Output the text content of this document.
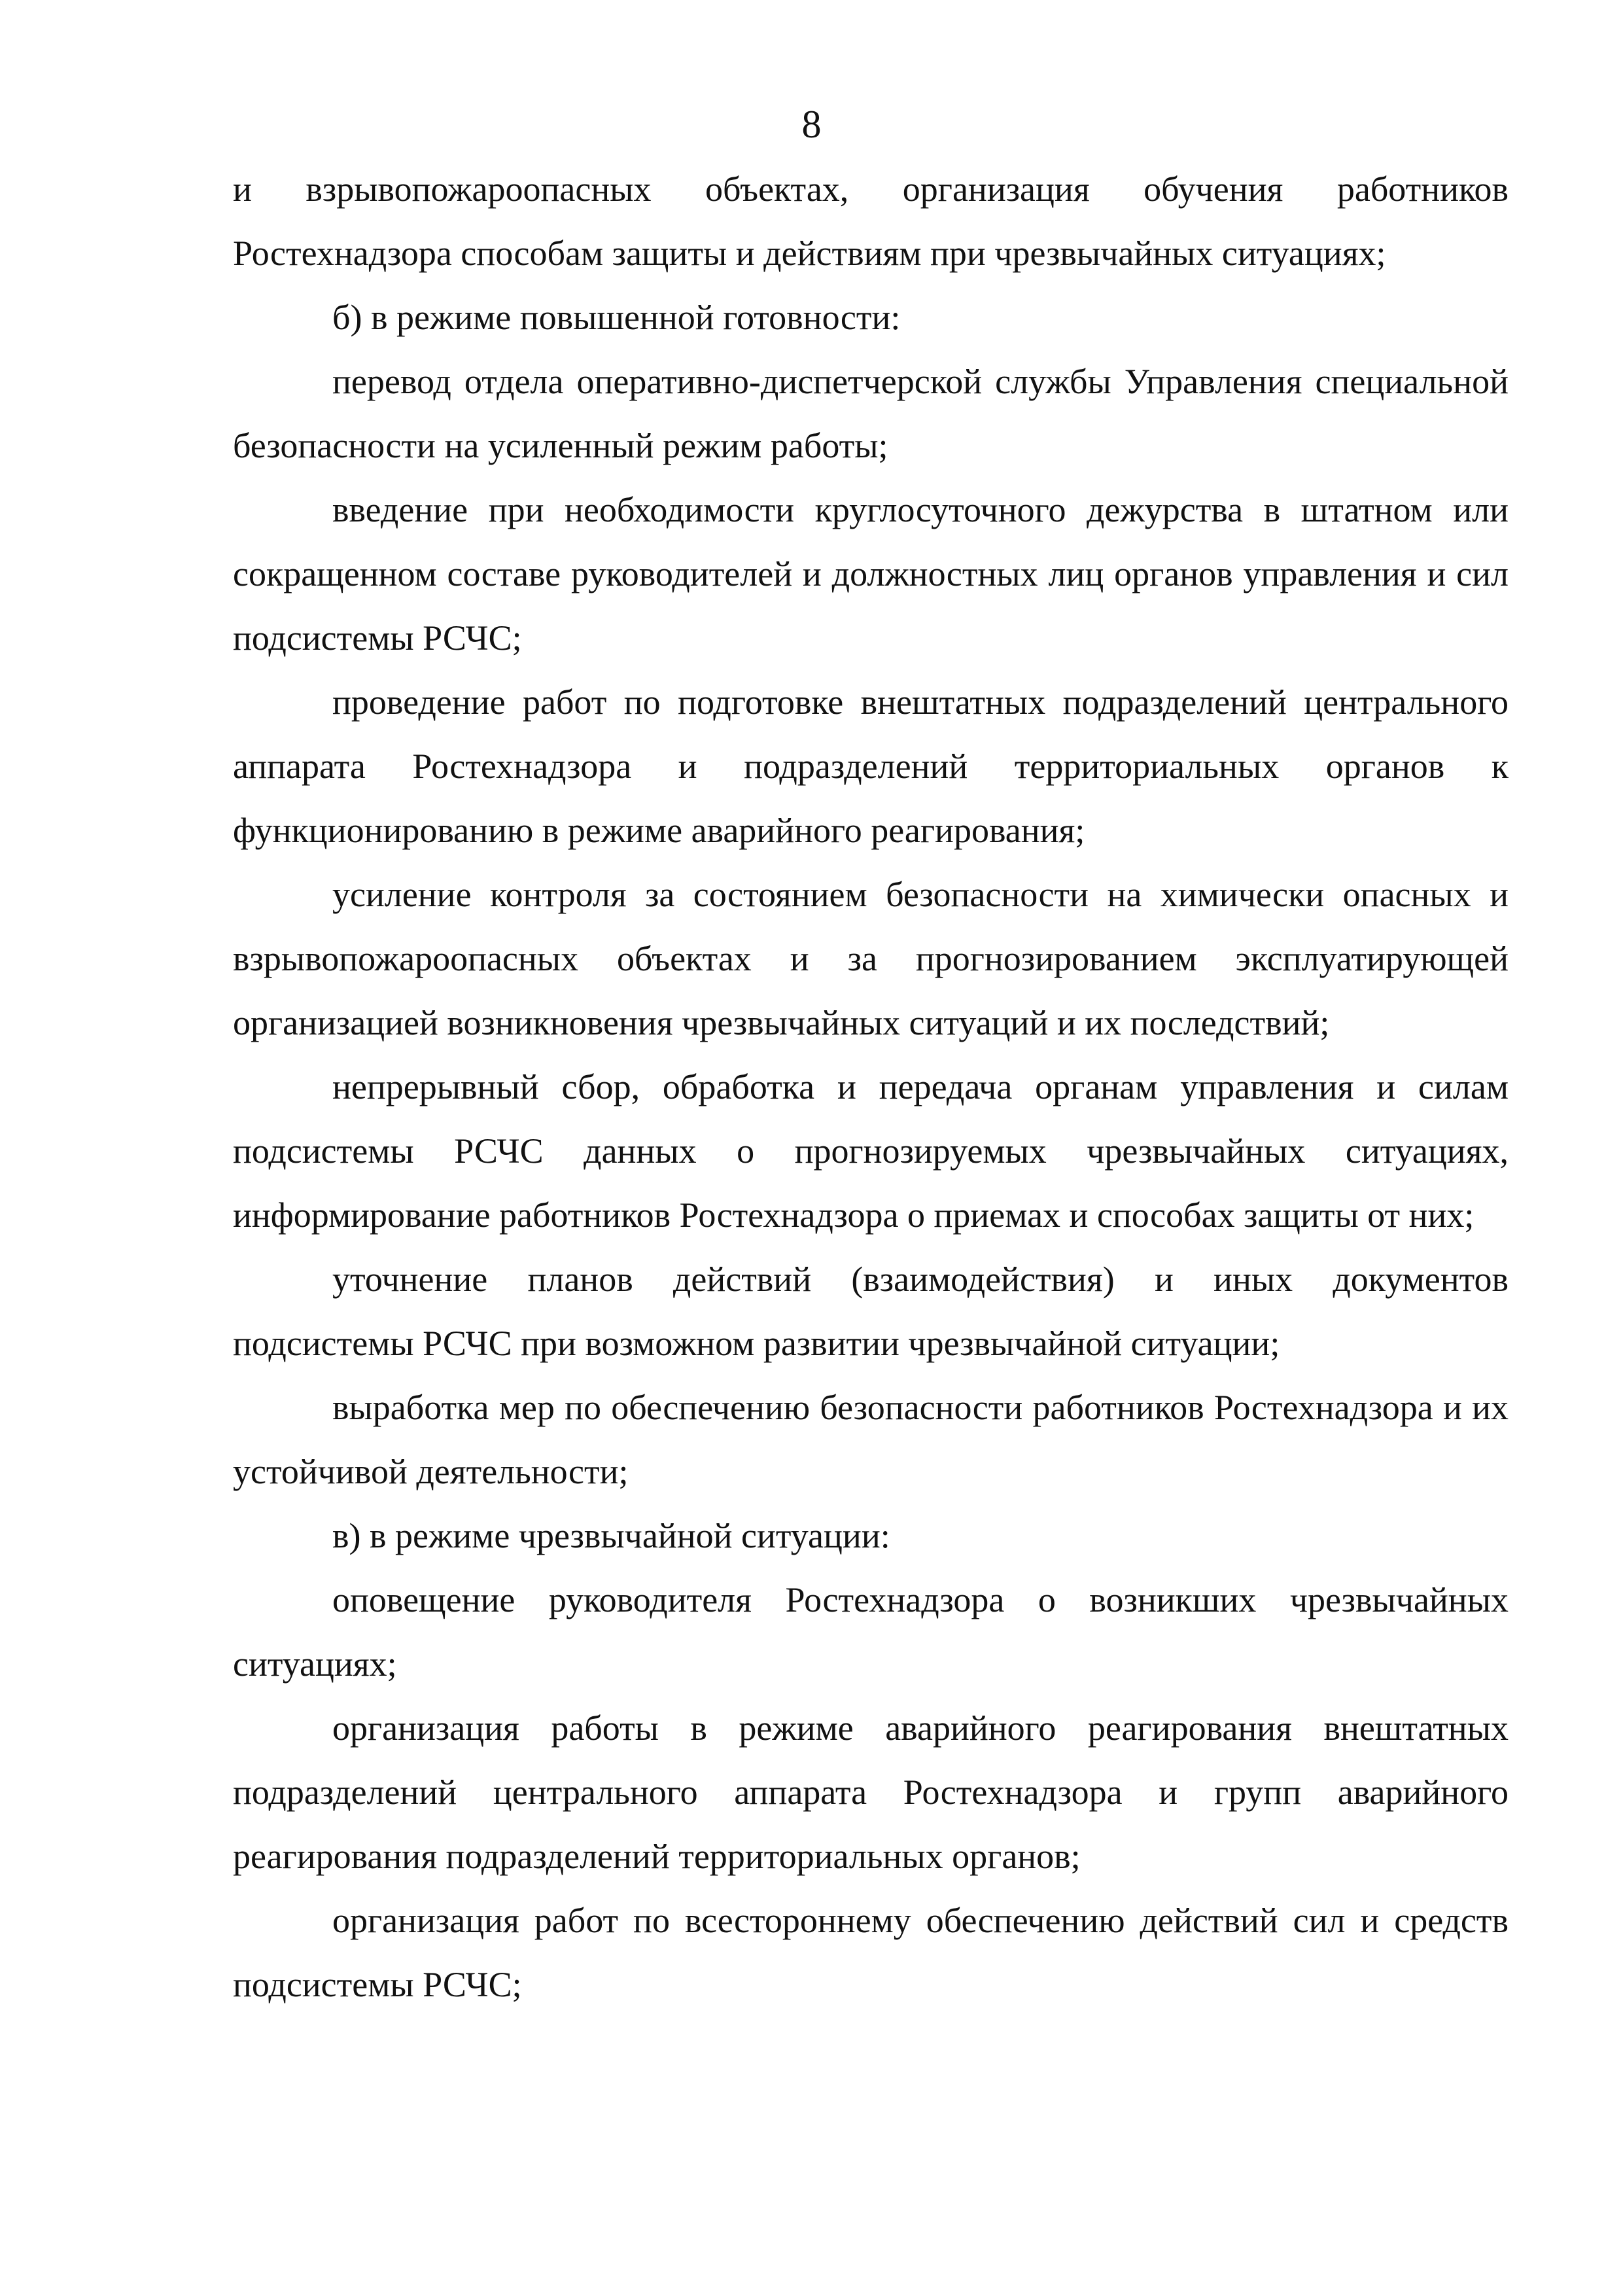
8

и взрывопожароопасных объектах, организация обучения работников Ростехнадзора способам защиты и действиям при чрезвычайных ситуациях;

б) в режиме повышенной готовности:

перевод отдела оперативно-диспетчерской службы Управления специальной безопасности на усиленный режим работы;

введение при необходимости круглосуточного дежурства в штатном или сокращенном составе руководителей и должностных лиц органов управления и сил подсистемы РСЧС;

проведение работ по подготовке внештатных подразделений центрального аппарата Ростехнадзора и подразделений территориальных органов к функционированию в режиме аварийного реагирования;

усиление контроля за состоянием безопасности на химически опасных и взрывопожароопасных объектах и за прогнозированием эксплуатирующей организацией возникновения чрезвычайных ситуаций и их последствий;

непрерывный сбор, обработка и передача органам управления и силам подсистемы РСЧС данных о прогнозируемых чрезвычайных ситуациях, информирование работников Ростехнадзора о приемах и способах защиты от них;

уточнение планов действий (взаимодействия) и иных документов подсистемы РСЧС при возможном развитии чрезвычайной ситуации;

выработка мер по обеспечению безопасности работников Ростехнадзора и их устойчивой деятельности;

в) в режиме чрезвычайной ситуации:

оповещение руководителя Ростехнадзора о возникших чрезвычайных ситуациях;

организация работы в режиме аварийного реагирования внештатных подразделений центрального аппарата Ростехнадзора и групп аварийного реагирования подразделений территориальных органов;

организация работ по всестороннему обеспечению действий сил и средств подсистемы РСЧС;
